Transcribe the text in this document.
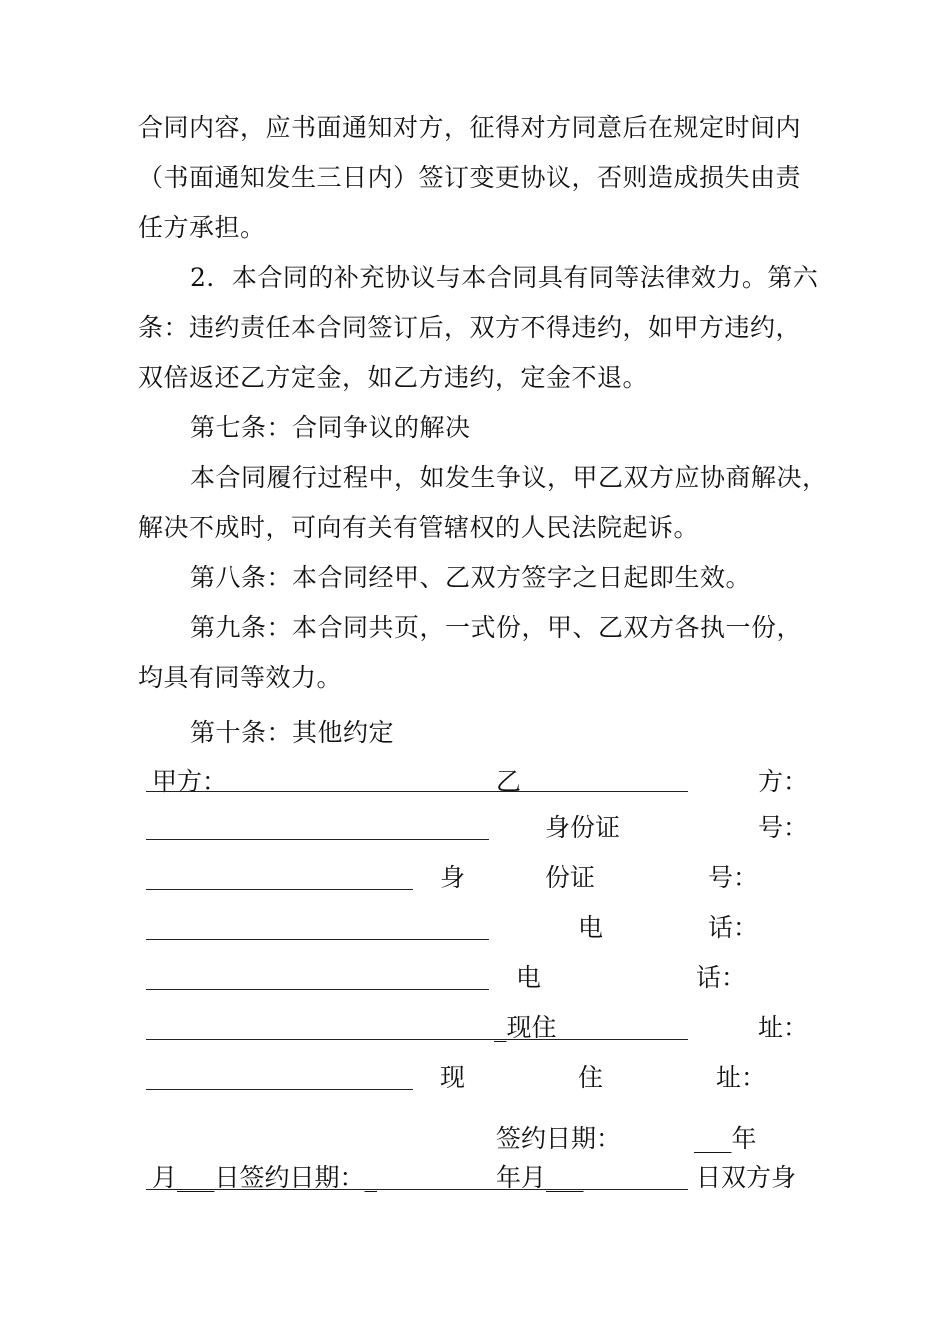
合同内容，应书面通知对方，征得对方同意后在规定时间内
（书面通知发生三日内）签订变更协议，否则造成损失由责
任方承担。
2．本合同的补充协议与本合同具有同等法律效力。第六
条：违约责任本合同签订后，双方不得违约，如甲方违约，
双倍返还乙方定金，如乙方违约，定金不退。
第七条：合同争议的解决
本合同履行过程中，如发生争议，甲乙双方应协商解决，
解决不成时，可向有关有管辖权的人民法院起诉。
第八条：本合同经甲、乙双方签字之日起即生效。
第九条：本合同共页，一式份，甲、乙双方各执一份，
均具有同等效力。
第十条：其他约定
甲方：	乙	方：
身份证	号：
身	份证	号：
电	话：
电	话：
_现住	址：
现	住	址：
签约日期：	___年
月___日签约日期：_	年月___	日双方身
